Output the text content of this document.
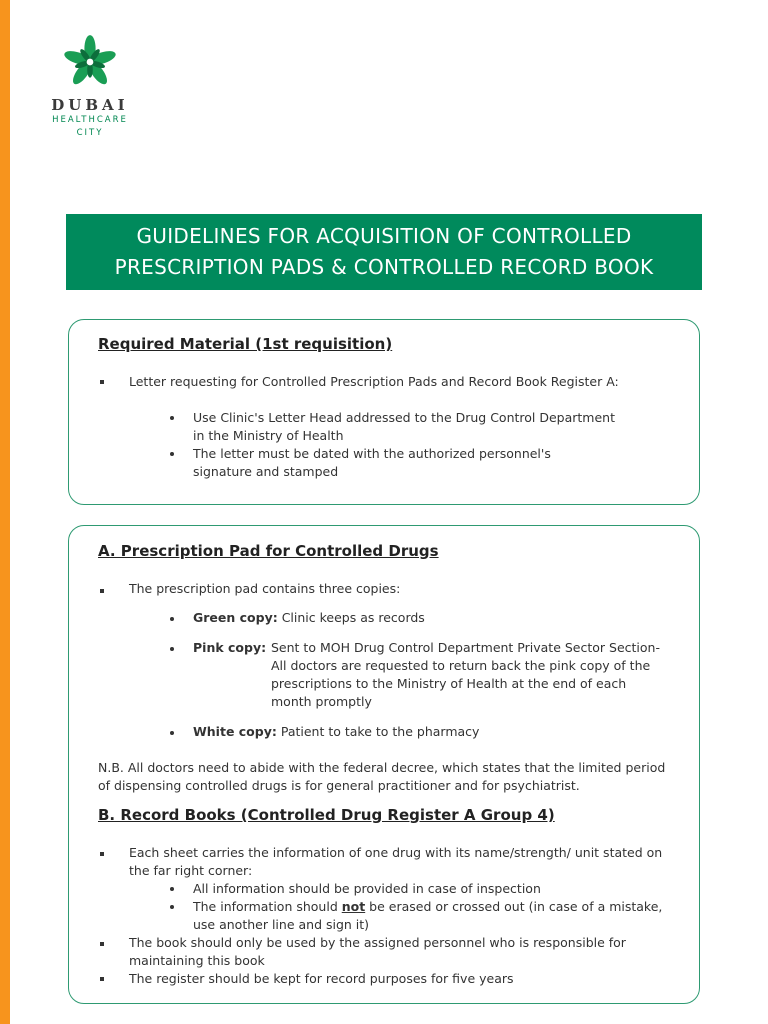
DUBAI
HEALTHCARE
CITY
GUIDELINES FOR ACQUISITION OF CONTROLLED
PRESCRIPTION PADS & CONTROLLED RECORD BOOK
Required Material (1st requisition)
Letter requesting for Controlled Prescription Pads and Record Book Register A:
Use Clinic's Letter Head addressed to the Drug Control Department
in the Ministry of Health
The letter must be dated with the authorized personnel's
signature and stamped
A. Prescription Pad for Controlled Drugs
The prescription pad contains three copies:
Green copy: Clinic keeps as records
Pink copy: Sent to MOH Drug Control Department Private Sector Section-
All doctors are requested to return back the pink copy of the
prescriptions to the Ministry of Health at the end of each
month promptly
White copy: Patient to take to the pharmacy
N.B. All doctors need to abide with the federal decree, which states that the limited period
of dispensing controlled drugs is for general practitioner and for psychiatrist.
B. Record Books (Controlled Drug Register A Group 4)
Each sheet carries the information of one drug with its name/strength/ unit stated on
the far right corner:
All information should be provided in case of inspection
The information should not be erased or crossed out (in case of a mistake,
use another line and sign it)
The book should only be used by the assigned personnel who is responsible for
maintaining this book
The register should be kept for record purposes for five years
